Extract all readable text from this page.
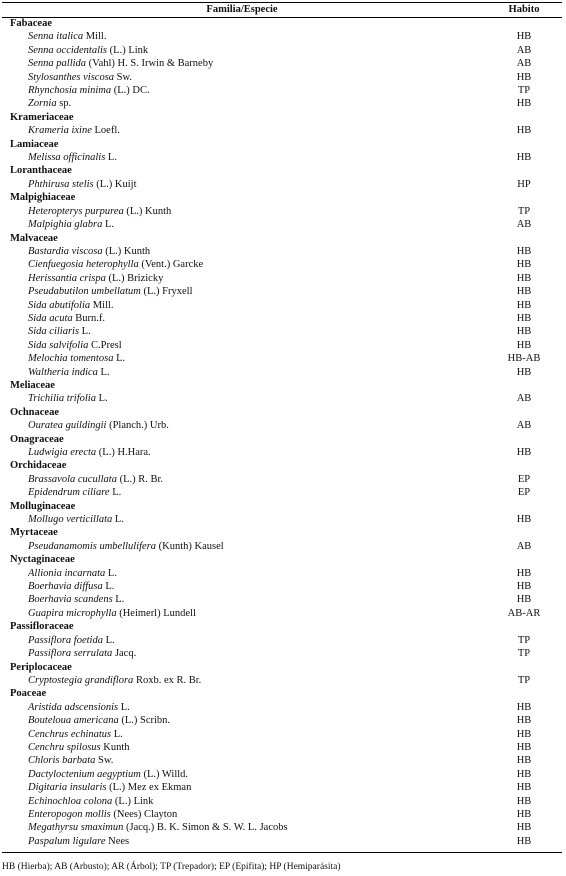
Familia/Especie	Habito
Fabaceae
Senna italica Mill.	HB
Senna occidentalis (L.) Link	AB
Senna pallida (Vahl) H. S. Irwin & Barneby	AB
Stylosanthes viscosa Sw.	HB
Rhynchosia minima (L.) DC.	TP
Zornia sp.	HB
Krameriaceae
Krameria ixine Loefl.	HB
Lamiaceae
Melissa officinalis L.	HB
Loranthaceae
Phthirusa stelis (L.) Kuijt	HP
Malpighiaceae
Heteropterys purpurea (L.) Kunth	TP
Malpighia glabra L.	AB
Malvaceae
Bastardia viscosa (L.) Kunth	HB
Cienfuegosia heterophylla (Vent.) Garcke	HB
Herissantia crispa (L.) Brizicky	HB
Pseudabutilon umbellatum (L.) Fryxell	HB
Sida abutifolia Mill.	HB
Sida acuta Burn.f.	HB
Sida ciliaris L.	HB
Sida salvifolia C.Presl	HB
Melochia tomentosa L.	HB-AB
Waltheria indica L.	HB
Meliaceae
Trichilia trifolia L.	AB
Ochnaceae
Ouratea guildingii (Planch.) Urb.	AB
Onagraceae
Ludwigia erecta (L.) H.Hara.	HB
Orchidaceae
Brassavola cucullata (L.) R. Br.	EP
Epidendrum ciliare L.	EP
Molluginaceae
Mollugo verticillata L.	HB
Myrtaceae
Pseudanamomis umbellulifera (Kunth) Kausel	AB
Nyctaginaceae
Allionia incarnata L.	HB
Boerhavia diffusa L.	HB
Boerhavia scandens L.	HB
Guapira microphylla (Heimerl) Lundell	AB-AR
Passifloraceae
Passiflora foetida L.	TP
Passiflora serrulata Jacq.	TP
Periplocaceae
Cryptostegia grandiflora Roxb. ex R. Br.	TP
Poaceae
Aristida adscensionis L.	HB
Bouteloua americana (L.) Scribn.	HB
Cenchrus echinatus L.	HB
Cenchru spilosus Kunth	HB
Chloris barbata Sw.	HB
Dactyloctenium aegyptium (L.) Willd.	HB
Digitaria insularis (L.) Mez ex Ekman	HB
Echinochloa colona (L.) Link	HB
Enteropogon mollis (Nees) Clayton	HB
Megathyrsu smaximun (Jacq.) B. K. Simon & S. W. L. Jacobs	HB
Paspalum ligulare Nees	HB
HB (Hierba); AB (Arbusto); AR (Árbol); TP (Trepador); EP (Epífita); HP (Hemiparásita)
